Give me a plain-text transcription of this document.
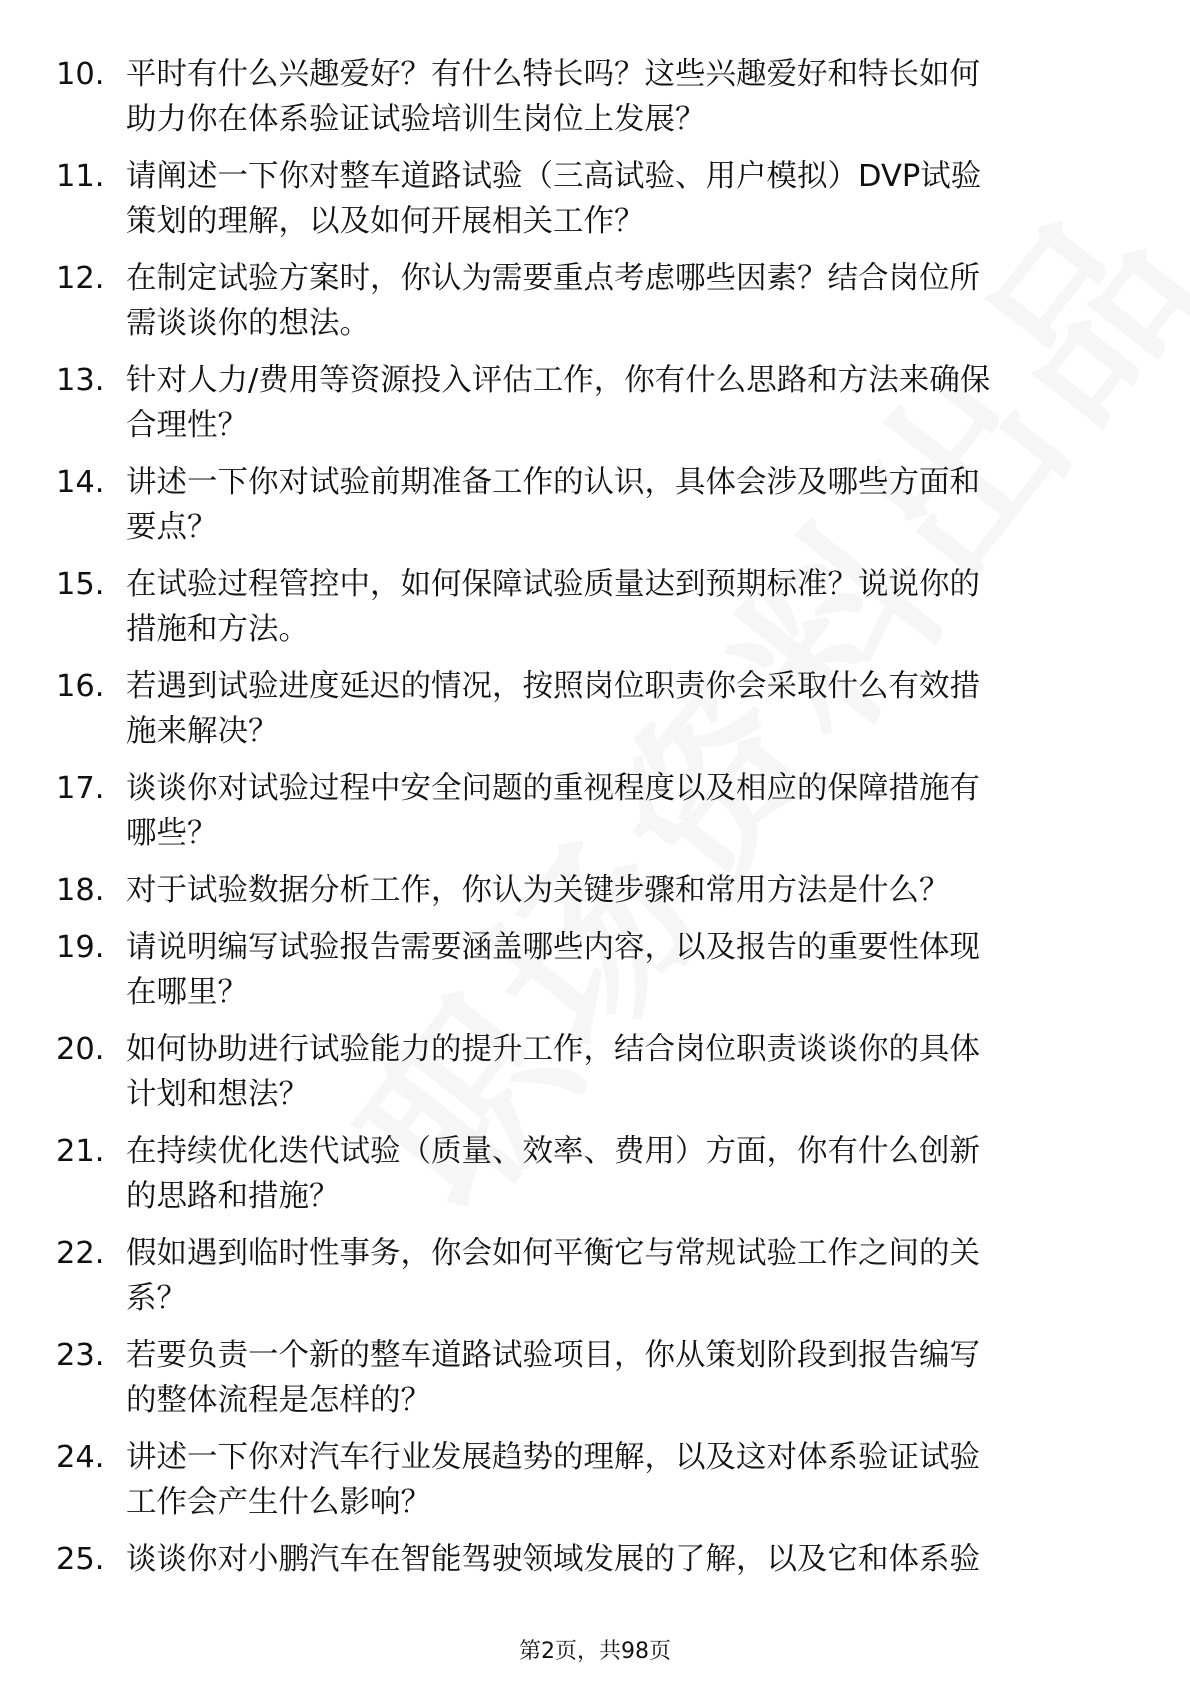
10. 平时有什么兴趣爱好？有什么特长吗？这些兴趣爱好和特长如何
助力你在体系验证试验培训生岗位上发展？
11. 请阐述一下你对整车道路试验（三高试验、用户模拟）DVP试验
策划的理解，以及如何开展相关工作？
12. 在制定试验方案时，你认为需要重点考虑哪些因素？结合岗位所
需谈谈你的想法。
13. 针对人力/费用等资源投入评估工作，你有什么思路和方法来确保
合理性？
14. 讲述一下你对试验前期准备工作的认识，具体会涉及哪些方面和
要点？
15. 在试验过程管控中，如何保障试验质量达到预期标准？说说你的
措施和方法。
16. 若遇到试验进度延迟的情况，按照岗位职责你会采取什么有效措
施来解决？
17. 谈谈你对试验过程中安全问题的重视程度以及相应的保障措施有
哪些？
18. 对于试验数据分析工作，你认为关键步骤和常用方法是什么？
19. 请说明编写试验报告需要涵盖哪些内容，以及报告的重要性体现
在哪里？
20. 如何协助进行试验能力的提升工作，结合岗位职责谈谈你的具体
计划和想法？
21. 在持续优化迭代试验（质量、效率、费用）方面，你有什么创新
的思路和措施？
22. 假如遇到临时性事务，你会如何平衡它与常规试验工作之间的关
系？
23. 若要负责一个新的整车道路试验项目，你从策划阶段到报告编写
的整体流程是怎样的？
24. 讲述一下你对汽车行业发展趋势的理解，以及这对体系验证试验
工作会产生什么影响？
25. 谈谈你对小鹏汽车在智能驾驶领域发展的了解，以及它和体系验
第2页，共98页
